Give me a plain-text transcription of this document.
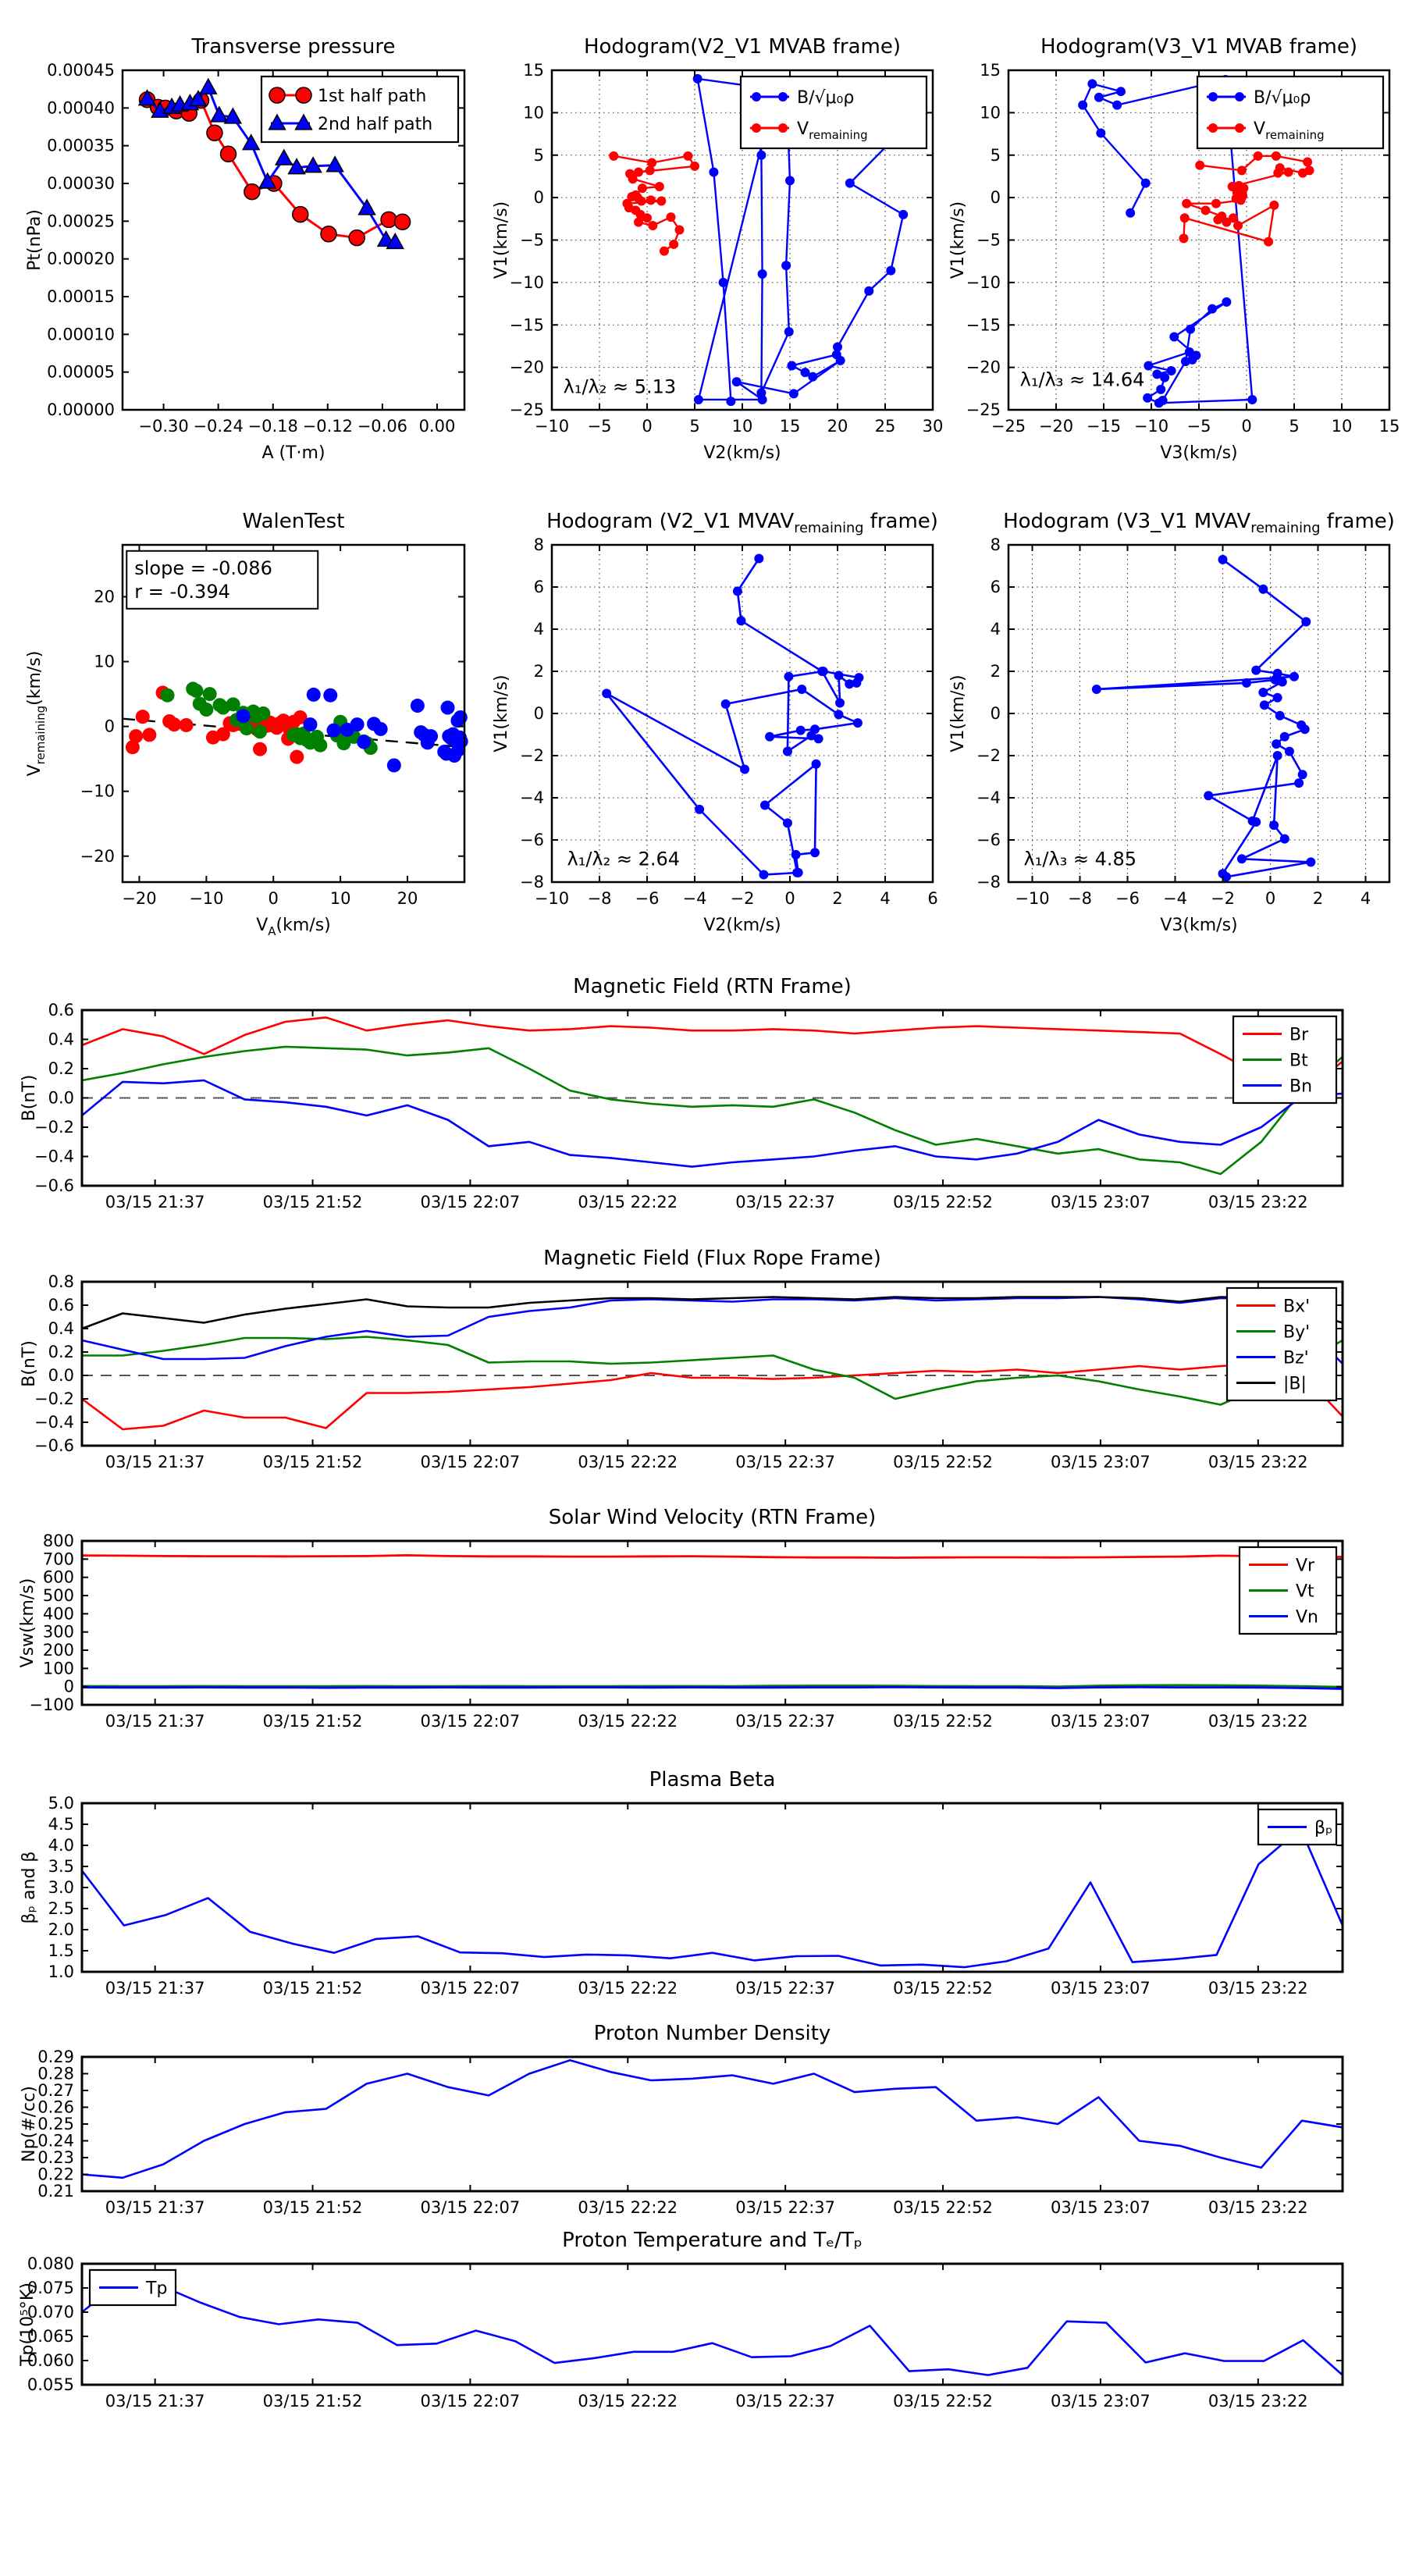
−0.30 −0.24 −0.18 −0.12 −0.06 0.00
0.00000
0.00005
0.00010
0.00015
0.00020
0.00025
0.00030
0.00035
0.00040
0.00045
Transverse pressure
A (T·m)
Pt(nPa)
1st half path
2nd half path
−10 −5 0 5 10 15 20 25 30
−25
−20
−15
−10
−5
0
5
10
15
Hodogram(V2_V1 MVAB frame)
V2(km/s)
V1(km/s)
B/√μ₀ρ
$V_{remaining}$
λ₁/λ₂ ≈ 5.13
−25 −20 −15 −10 −5 0 5 10 15
−25
−20
−15
−10
−5
0
5
10
15
Hodogram(V3_V1 MVAB frame)
V3(km/s)
V1(km/s)
B/√μ₀ρ
$V_{remaining}$
λ₁/λ₃ ≈ 14.64
−20 −10	0	10	20
−20
−10
0
10
20
WalenTest
$V_A(km/s)$
$V_{remaining}(km/s)$
slope = -0.086
r = -0.394
−10 −8 −6 −4 −2 0 2 4 6
−8
−6
−4
−2
0
2
4
6
8
Hodogram (V2_V1 $MVAV_{remaining}$ frame)
V2(km/s)
V1(km/s)
λ₁/λ₂ ≈ 2.64
−10 −8 −6 −4 −2 0 2 4
−8
−6
−4
−2
0
2
4
6
8
Hodogram (V3_V1 $MVAV_{remaining}$ frame)
V3(km/s)
V1(km/s)
λ₁/λ₃ ≈ 4.85
03/15 21:37	03/15 21:52	03/15 22:07	03/15 22:22	03/15 22:37	03/15 22:52	03/15 23:07	03/15 23:22
−0.6
−0.4
−0.2
0.0
0.2
0.4
0.6
Magnetic Field (RTN Frame)
B(nT)
Br
Bt
Bn
03/15 21:37	03/15 21:52	03/15 22:07	03/15 22:22	03/15 22:37	03/15 22:52	03/15 23:07	03/15 23:22
−0.6
−0.4
−0.2
0.0
0.2
0.4
0.6
0.8
Magnetic Field (Flux Rope Frame)
B(nT)
Bx'
By'
Bz'
|B|
03/15 21:37	03/15 21:52	03/15 22:07	03/15 22:22	03/15 22:37	03/15 22:52	03/15 23:07	03/15 23:22
−100
0
100
200
300
400
500
600
700
800
Solar Wind Velocity (RTN Frame)
Vsw(km/s)
Vr
Vt
Vn
03/15 21:37	03/15 21:52	03/15 22:07	03/15 22:22	03/15 22:37	03/15 22:52	03/15 23:07	03/15 23:22
1.0
1.5
2.0
2.5
3.0
3.5
4.0
4.5
5.0
Plasma Beta
βₚ and β
βₚ
03/15 21:37	03/15 21:52	03/15 22:07	03/15 22:22	03/15 22:37	03/15 22:52	03/15 23:07	03/15 23:22
0.21
0.22
0.23
0.24
0.25
0.26
0.27
0.28
0.29
Proton Number Density
Np(#/cc)
03/15 21:37	03/15 21:52	03/15 22:07	03/15 22:22	03/15 22:37	03/15 22:52	03/15 23:07	03/15 23:22
0.055
0.060
0.065
0.070
0.075
0.080
Proton Temperature and Tₑ/Tₚ
Tp(10⁵°K)	Tp
